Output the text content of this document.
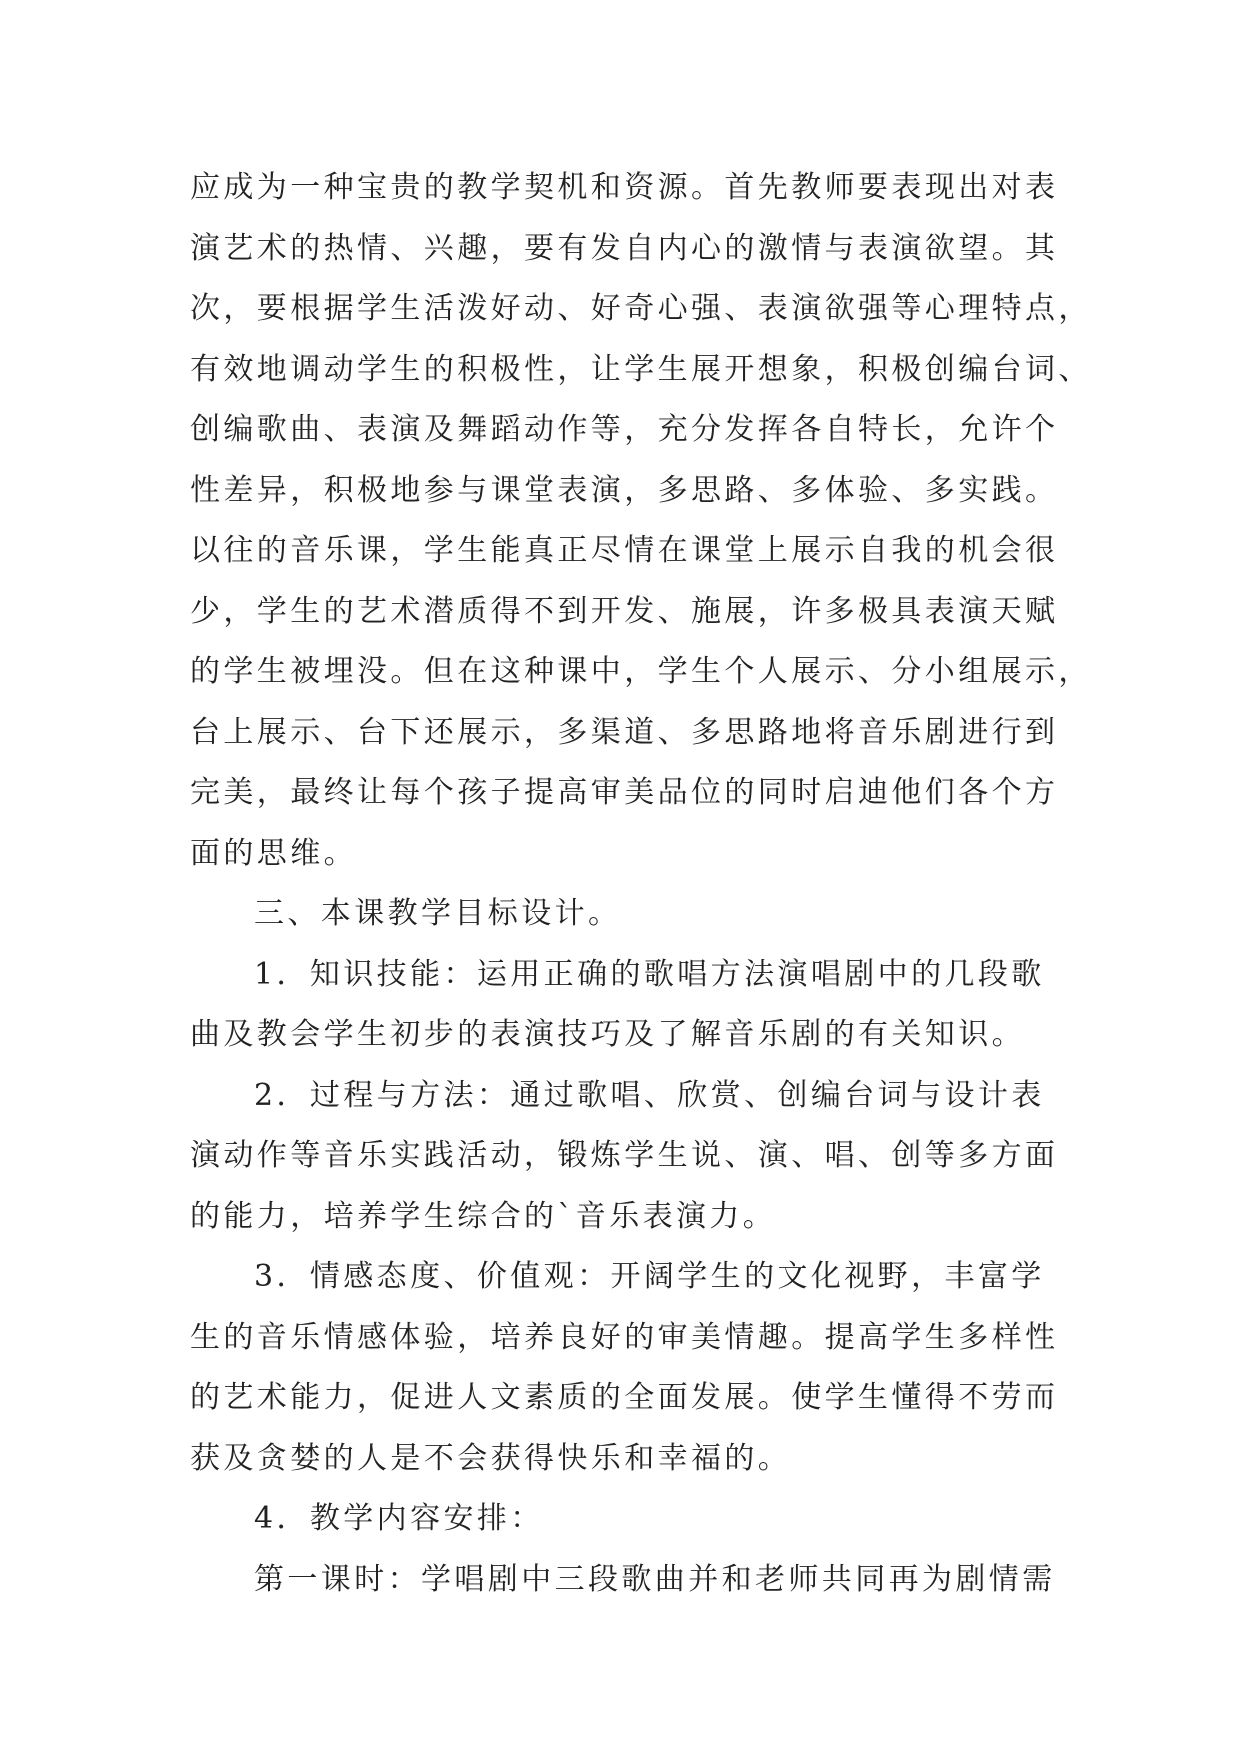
应成为一种宝贵的教学契机和资源。首先教师要表现出对表
演艺术的热情、兴趣，要有发自内心的激情与表演欲望。其
次，要根据学生活泼好动、好奇心强、表演欲强等心理特点，
有效地调动学生的积极性，让学生展开想象，积极创编台词、
创编歌曲、表演及舞蹈动作等，充分发挥各自特长，允许个
性差异，积极地参与课堂表演，多思路、多体验、多实践。
以往的音乐课，学生能真正尽情在课堂上展示自我的机会很
少，学生的艺术潜质得不到开发、施展，许多极具表演天赋
的学生被埋没。但在这种课中，学生个人展示、分小组展示，
台上展示、台下还展示，多渠道、多思路地将音乐剧进行到
完美，最终让每个孩子提高审美品位的同时启迪他们各个方
面的思维。

三、本课教学目标设计。

1．知识技能：运用正确的歌唱方法演唱剧中的几段歌
曲及教会学生初步的表演技巧及了解音乐剧的有关知识。

2．过程与方法：通过歌唱、欣赏、创编台词与设计表
演动作等音乐实践活动，锻炼学生说、演、唱、创等多方面
的能力，培养学生综合的`音乐表演力。

3．情感态度、价值观：开阔学生的文化视野，丰富学
生的音乐情感体验，培养良好的审美情趣。提高学生多样性
的艺术能力，促进人文素质的全面发展。使学生懂得不劳而
获及贪婪的人是不会获得快乐和幸福的。

4．教学内容安排：

第一课时：学唱剧中三段歌曲并和老师共同再为剧情需
